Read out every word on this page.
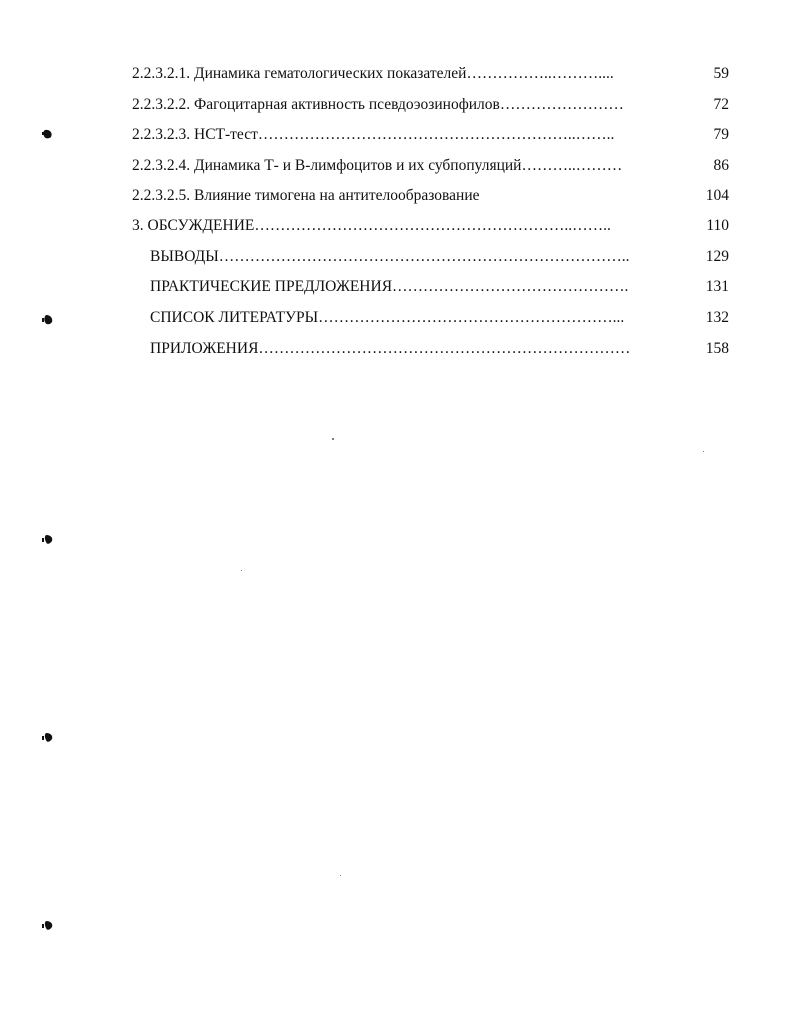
2.2.3.2.1. Динамика гематологических показателей……………..………....	59
2.2.3.2.2. Фагоцитарная активность псевдоэозинофилов……………………	72
2.2.3.2.3. НСТ-тест……………………………………………………..……..	79
2.2.3.2.4. Динамика Т- и В-лимфоцитов и их субпопуляций………..………	86
2.2.3.2.5. Влияние тимогена на антителообразование	104
3. ОБСУЖДЕНИЕ……………………………………………………..……..	110
ВЫВОДЫ……………………………………………………………………..	129
ПРАКТИЧЕСКИЕ ПРЕДЛОЖЕНИЯ……………………………………….	131
СПИСОК ЛИТЕРАТУРЫ…………………………………………………...	132
ПРИЛОЖЕНИЯ………………………………………………………………	158
